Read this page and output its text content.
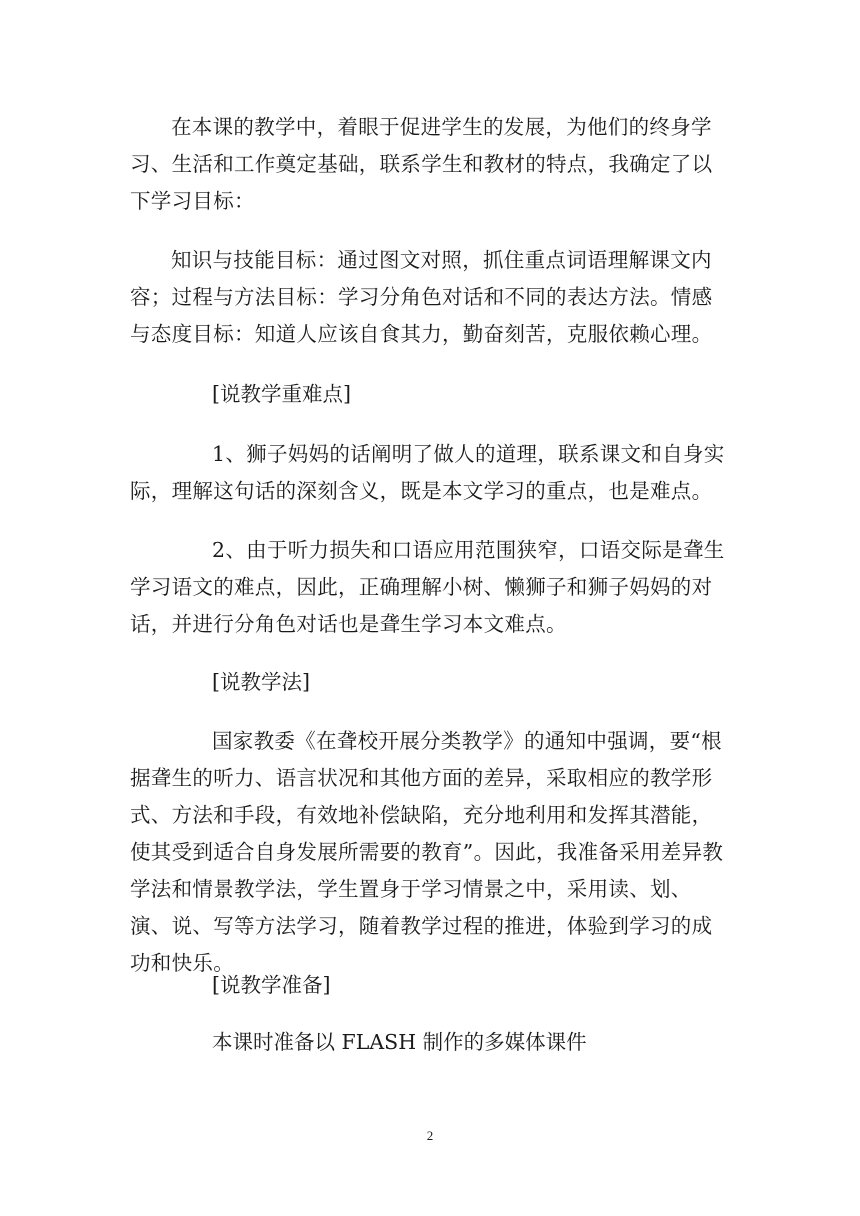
在本课的教学中，着眼于促进学生的发展，为他们的终身学习、生活和工作奠定基础，联系学生和教材的特点，我确定了以下学习目标：

知识与技能目标：通过图文对照，抓住重点词语理解课文内容；过程与方法目标：学习分角色对话和不同的表达方法。情感与态度目标：知道人应该自食其力，勤奋刻苦，克服依赖心理。

[说教学重难点]

1、狮子妈妈的话阐明了做人的道理，联系课文和自身实际，理解这句话的深刻含义，既是本文学习的重点，也是难点。

2、由于听力损失和口语应用范围狭窄，口语交际是聋生学习语文的难点，因此，正确理解小树、懒狮子和狮子妈妈的对话，并进行分角色对话也是聋生学习本文难点。

[说教学法]

国家教委《在聋校开展分类教学》的通知中强调，要“根据聋生的听力、语言状况和其他方面的差异，采取相应的教学形式、方法和手段，有效地补偿缺陷，充分地利用和发挥其潜能，使其受到适合自身发展所需要的教育”。因此，我准备采用差异教学法和情景教学法，学生置身于学习情景之中，采用读、划、演、说、写等方法学习，随着教学过程的推进，体验到学习的成功和快乐。

[说教学准备]

本课时准备以 FLASH 制作的多媒体课件

2
